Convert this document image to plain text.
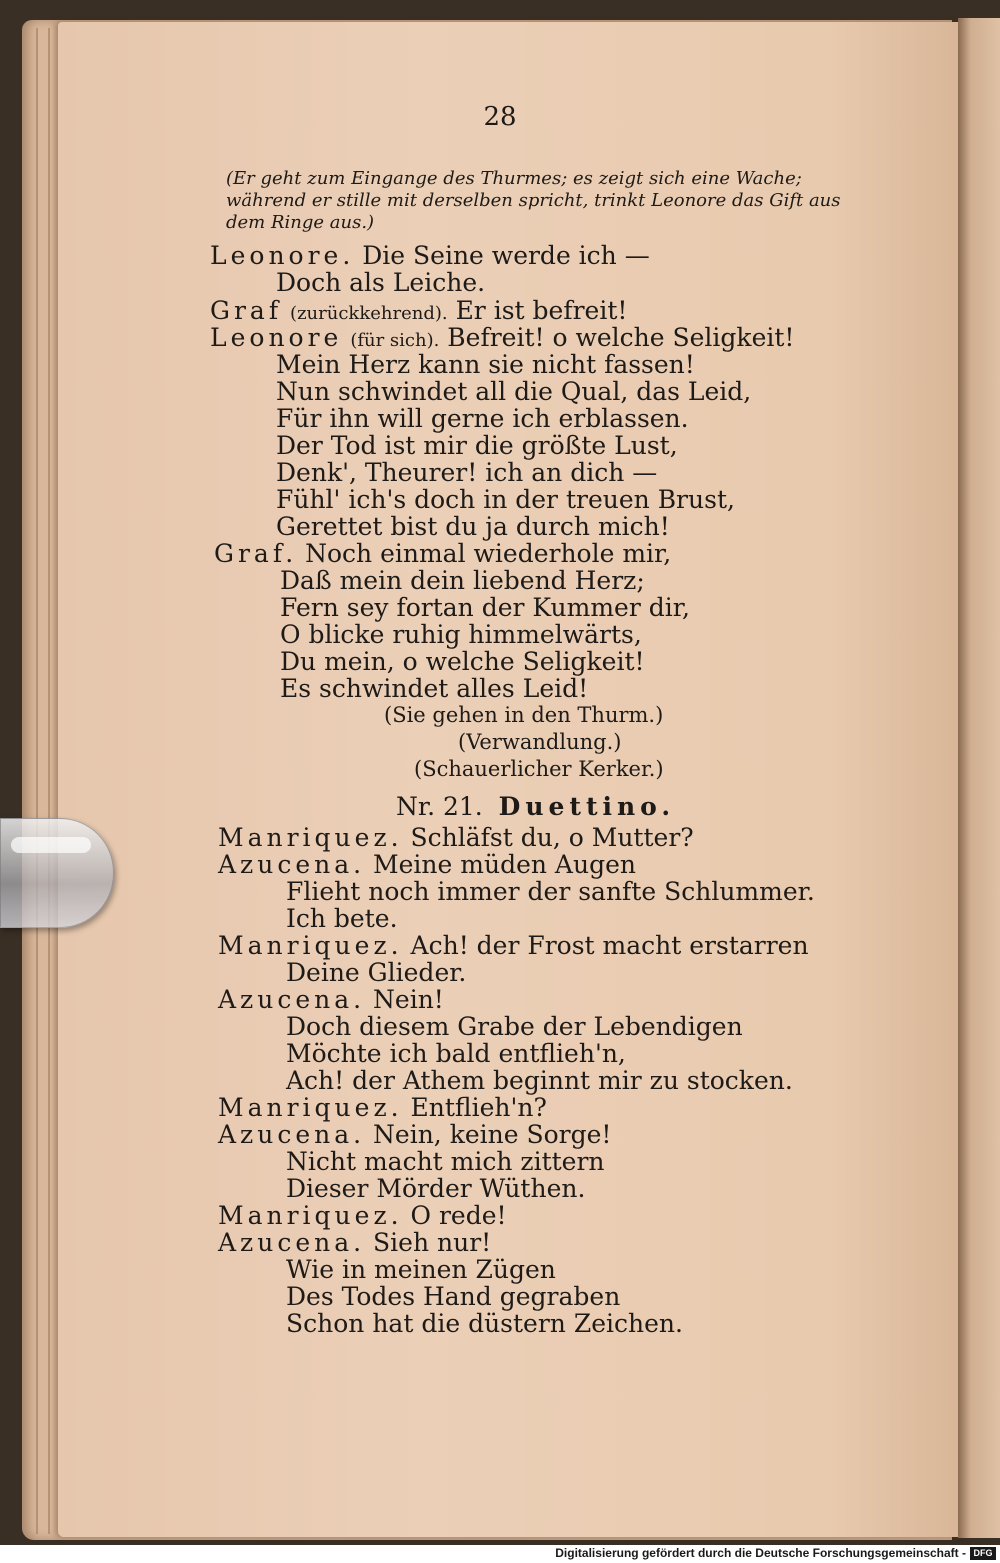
28
(Er geht zum Eingange des Thurmes; es zeigt sich eine Wache; während er stille mit derselben spricht, trinkt Leonore das Gift aus dem Ringe aus.)
Leonore. Die Seine werde ich —
Doch als Leiche.
Graf (zurückkehrend). Er ist befreit!
Leonore (für sich). Befreit! o welche Seligkeit!
Mein Herz kann sie nicht fassen!
Nun schwindet all die Qual, das Leid,
Für ihn will gerne ich erblassen.
Der Tod ist mir die größte Lust,
Denk', Theurer! ich an dich —
Fühl' ich's doch in der treuen Brust,
Gerettet bist du ja durch mich!
Graf. Noch einmal wiederhole mir,
Daß mein dein liebend Herz;
Fern sey fortan der Kummer dir,
O blicke ruhig himmelwärts,
Du mein, o welche Seligkeit!
Es schwindet alles Leid!
(Sie gehen in den Thurm.)
(Verwandlung.)
(Schauerlicher Kerker.)
Nr. 21. Duettino.
Manriquez. Schläfst du, o Mutter?
Azucena. Meine müden Augen
Flieht noch immer der sanfte Schlummer.
Ich bete.
Manriquez. Ach! der Frost macht erstarren
Deine Glieder.
Azucena. Nein!
Doch diesem Grabe der Lebendigen
Möchte ich bald entflieh'n,
Ach! der Athem beginnt mir zu stocken.
Manriquez. Entflieh'n?
Azucena. Nein, keine Sorge!
Nicht macht mich zittern
Dieser Mörder Wüthen.
Manriquez. O rede!
Azucena. Sieh nur!
Wie in meinen Zügen
Des Todes Hand gegraben
Schon hat die düstern Zeichen.
Digitalisierung gefördert durch die Deutsche Forschungsgemeinschaft - DFG
